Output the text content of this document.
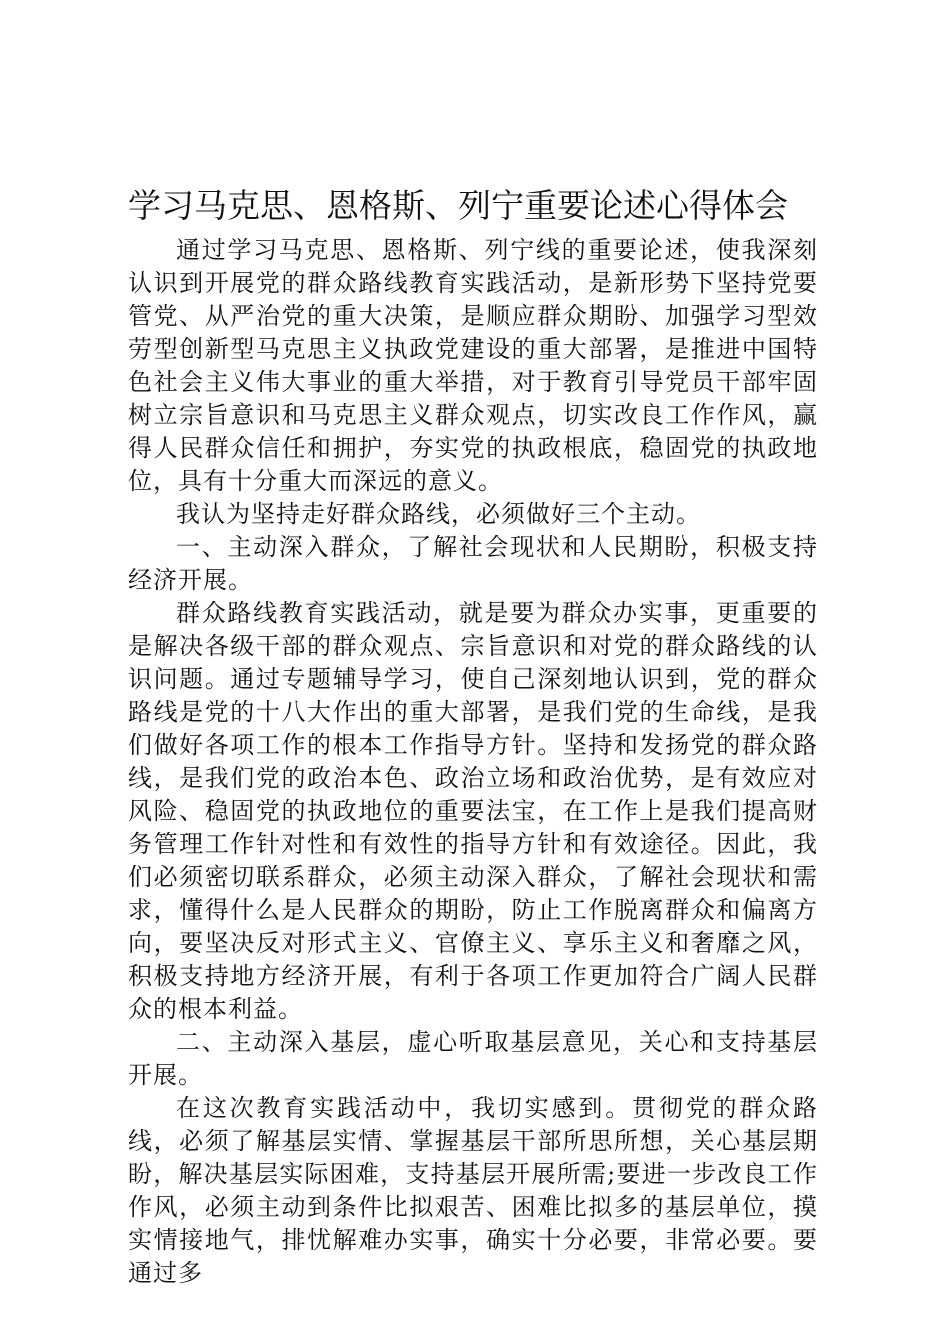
学习马克思、恩格斯、列宁重要论述心得体会

通过学习马克思、恩格斯、列宁线的重要论述，使我深刻认识到开展党的群众路线教育实践活动，是新形势下坚持党要管党、从严治党的重大决策，是顺应群众期盼、加强学习型效劳型创新型马克思主义执政党建设的重大部署，是推进中国特色社会主义伟大事业的重大举措，对于教育引导党员干部牢固树立宗旨意识和马克思主义群众观点，切实改良工作作风，赢得人民群众信任和拥护，夯实党的执政根底，稳固党的执政地位，具有十分重大而深远的意义。

我认为坚持走好群众路线，必须做好三个主动。

一、主动深入群众，了解社会现状和人民期盼，积极支持经济开展。

群众路线教育实践活动，就是要为群众办实事，更重要的是解决各级干部的群众观点、宗旨意识和对党的群众路线的认识问题。通过专题辅导学习，使自己深刻地认识到，党的群众路线是党的十八大作出的重大部署，是我们党的生命线，是我们做好各项工作的根本工作指导方针。坚持和发扬党的群众路线，是我们党的政治本色、政治立场和政治优势，是有效应对风险、稳固党的执政地位的重要法宝，在工作上是我们提高财务管理工作针对性和有效性的指导方针和有效途径。因此，我们必须密切联系群众，必须主动深入群众，了解社会现状和需求，懂得什么是人民群众的期盼，防止工作脱离群众和偏离方向，要坚决反对形式主义、官僚主义、享乐主义和奢靡之风，积极支持地方经济开展，有利于各项工作更加符合广阔人民群众的根本利益。

二、主动深入基层，虚心听取基层意见，关心和支持基层开展。

在这次教育实践活动中，我切实感到。贯彻党的群众路线，必须了解基层实情、掌握基层干部所思所想，关心基层期盼，解决基层实际困难，支持基层开展所需;要进一步改良工作作风，必须主动到条件比拟艰苦、困难比拟多的基层单位，摸实情接地气，排忧解难办实事，确实十分必要，非常必要。要通过多
